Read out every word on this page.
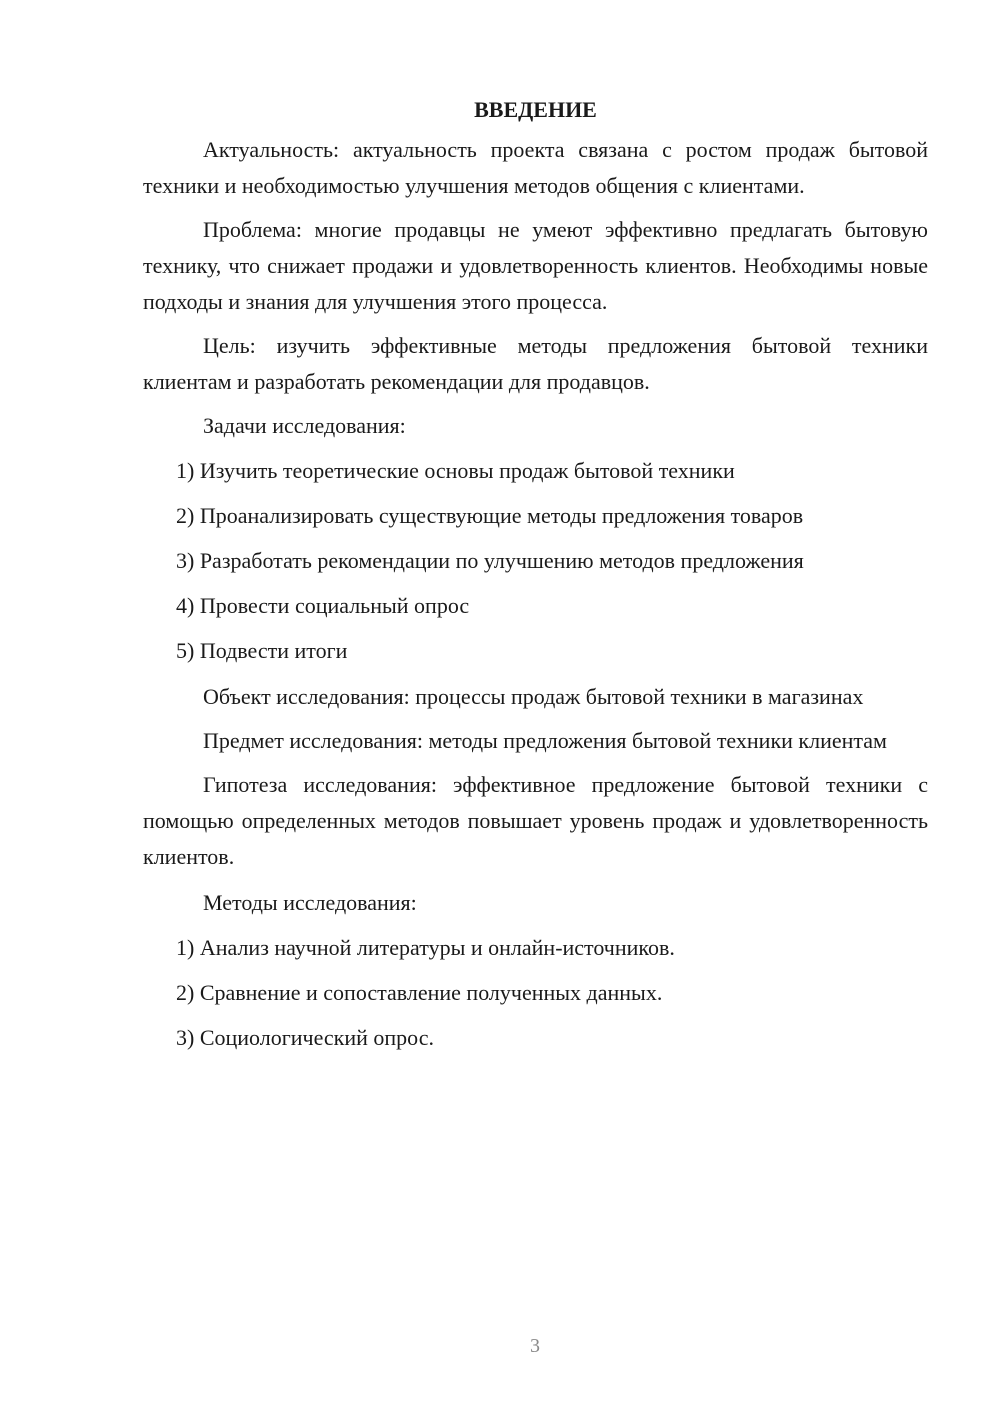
ВВЕДЕНИЕ

Актуальность: актуальность проекта связана с ростом продаж бытовой техники и необходимостью улучшения методов общения с клиентами.

Проблема: многие продавцы не умеют эффективно предлагать бытовую технику, что снижает продажи и удовлетворенность клиентов. Необходимы новые подходы и знания для улучшения этого процесса.

Цель: изучить эффективные методы предложения бытовой техники клиентам и разработать рекомендации для продавцов.

Задачи исследования:

1) Изучить теоретические основы продаж бытовой техники
2) Проанализировать существующие методы предложения товаров
3) Разработать рекомендации по улучшению методов предложения
4) Провести социальный опрос
5) Подвести итоги

Объект исследования: процессы продаж бытовой техники в магазинах

Предмет исследования: методы предложения бытовой техники клиентам

Гипотеза исследования: эффективное предложение бытовой техники с помощью определенных методов повышает уровень продаж и удовлетворенность клиентов.

Методы исследования:

1) Анализ научной литературы и онлайн-источников.
2) Сравнение и сопоставление полученных данных.
3) Социологический опрос.
3
